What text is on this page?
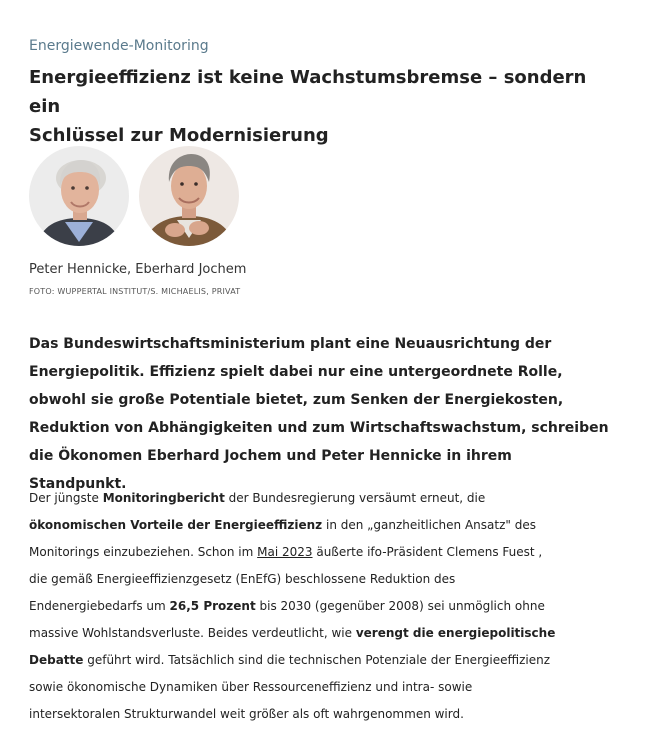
Energiewende-Monitoring
Energieeffizienz ist keine Wachstumsbremse – sondern ein
Schlüssel zur Modernisierung
Peter Hennicke, Eberhard Jochem
FOTO: WUPPERTAL INSTITUT/S. MICHAELIS, PRIVAT

Das Bundeswirtschaftsministerium plant eine Neuausrichtung der
Energiepolitik. Effizienz spielt dabei nur eine untergeordnete Rolle,
obwohl sie große Potentiale bietet, zum Senken der Energiekosten,
Reduktion von Abhängigkeiten und zum Wirtschaftswachstum, schreiben
die Ökonomen Eberhard Jochem und Peter Hennicke in ihrem Standpunkt.

Der jüngste Monitoringbericht der Bundesregierung versäumt erneut, die
ökonomischen Vorteile der Energieeffizienz in den „ganzheitlichen Ansatz" des
Monitorings einzubeziehen. Schon im Mai 2023 äußerte ifo-Präsident Clemens Fuest ,
die gemäß Energieeffizienzgesetz (EnEfG) beschlossene Reduktion des
Endenergiebedarfs um 26,5 Prozent bis 2030 (gegenüber 2008) sei unmöglich ohne
massive Wohlstandsverluste. Beides verdeutlicht, wie verengt die energiepolitische
Debatte geführt wird. Tatsächlich sind die technischen Potenziale der Energieeffizienz
sowie ökonomische Dynamiken über Ressourceneffizienz und intra- sowie
intersektoralen Strukturwandel weit größer als oft wahrgenommen wird.
